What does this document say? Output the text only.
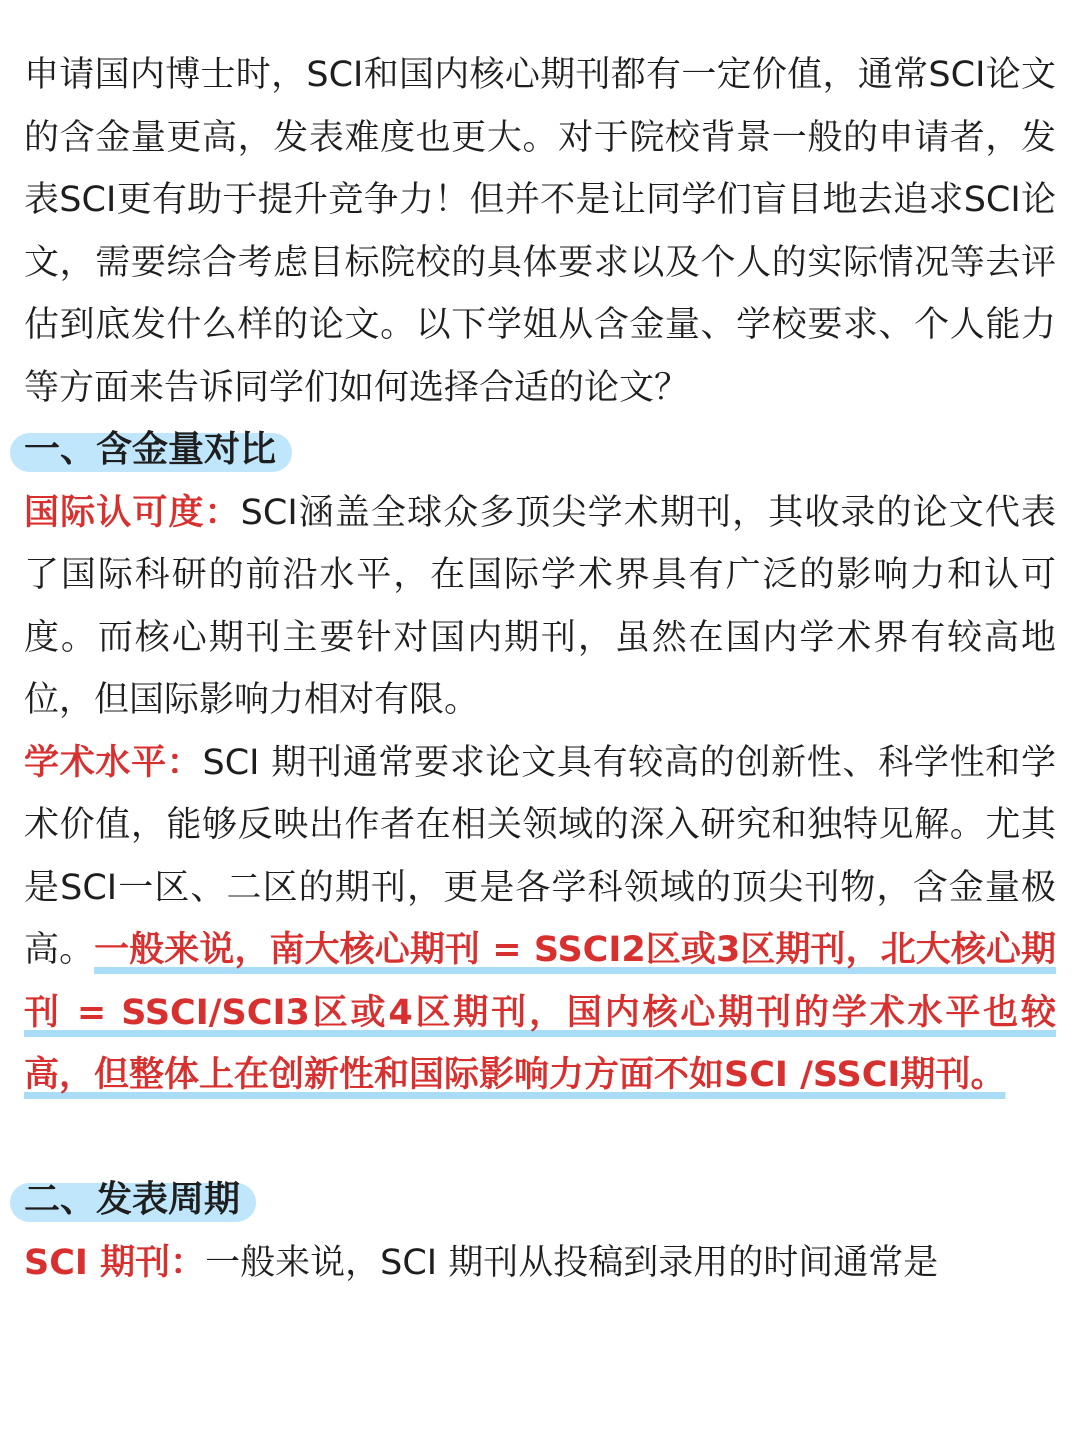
申请国内博士时，SCI和国内核心期刊都有一定价值，通常SCI论文的含金量更高，发表难度也更大。对于院校背景一般的申请者，发表SCI更有助于提升竞争力！但并不是让同学们盲目地去追求SCI论文，需要综合考虑目标院校的具体要求以及个人的实际情况等去评估到底发什么样的论文。以下学姐从含金量、学校要求、个人能力等方面来告诉同学们如何选择合适的论文？

一、含金量对比

国际认可度：SCI涵盖全球众多顶尖学术期刊，其收录的论文代表了国际科研的前沿水平，在国际学术界具有广泛的影响力和认可度。而核心期刊主要针对国内期刊，虽然在国内学术界有较高地位，但国际影响力相对有限。

学术水平：SCI 期刊通常要求论文具有较高的创新性、科学性和学术价值，能够反映出作者在相关领域的深入研究和独特见解。尤其是SCI一区、二区的期刊，更是各学科领域的顶尖刊物，含金量极高。一般来说，南大核心期刊 = SSCI2区或3区期刊，北大核心期刊 = SSCI/SCI3区或4区期刊，国内核心期刊的学术水平也较高，但整体上在创新性和国际影响力方面不如SCI /SSCI期刊。

二、发表周期

SCI 期刊：一般来说，SCI 期刊从投稿到录用的时间通常是
